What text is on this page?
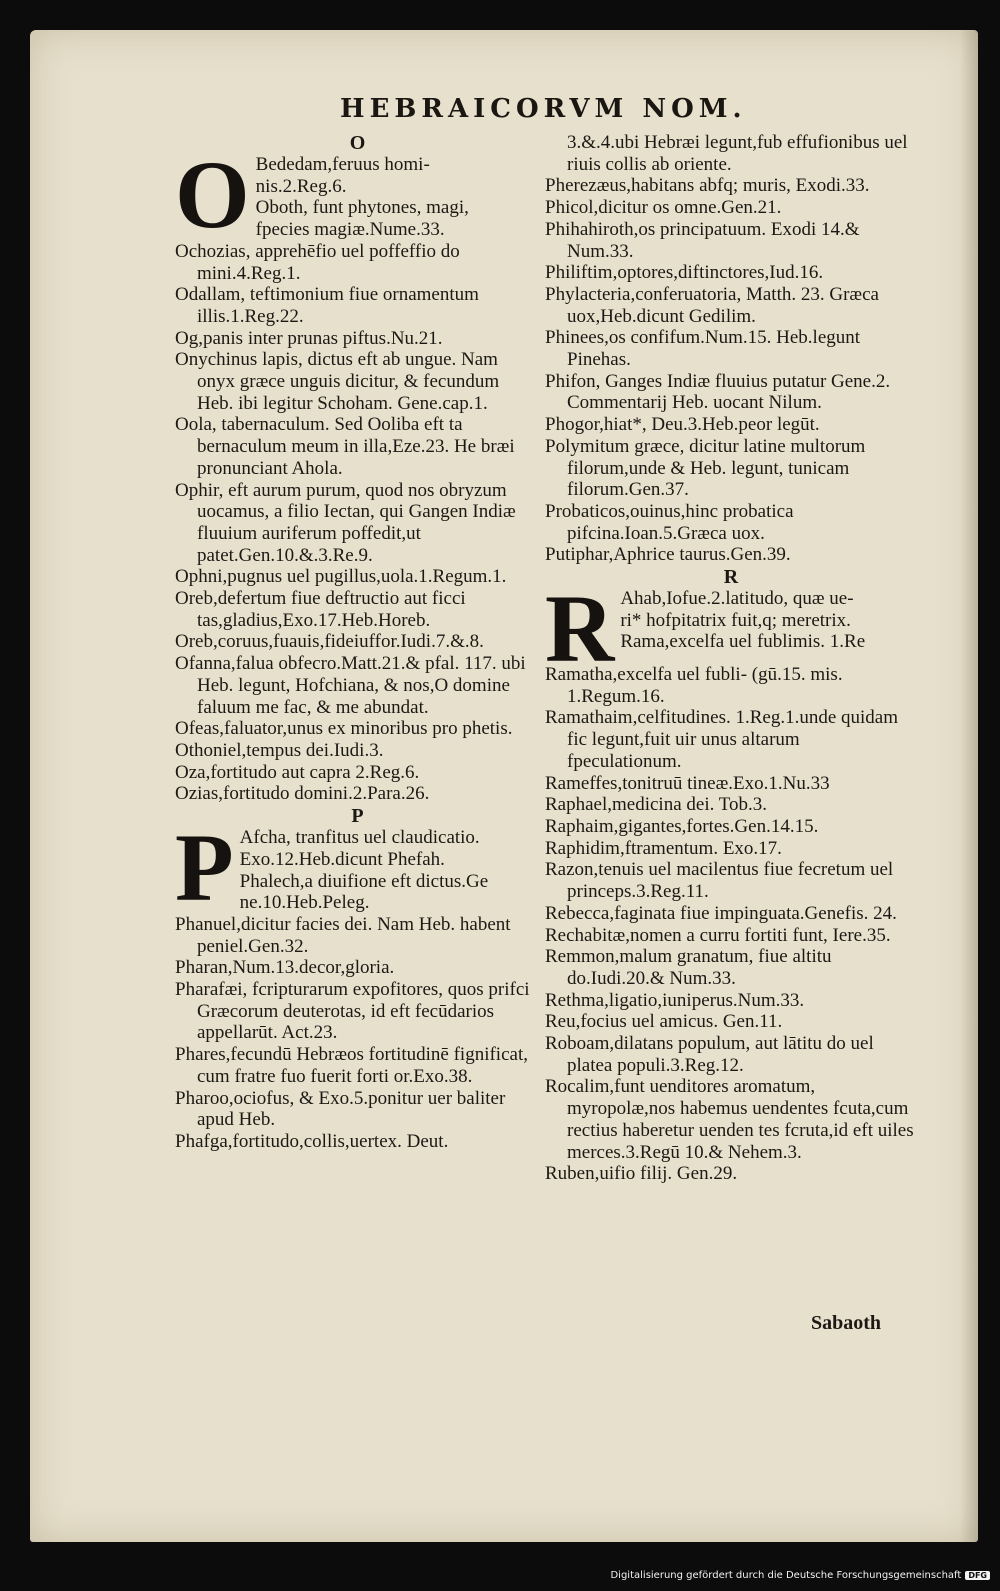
HEBRAICORVM NOM.
O
O Bededam,feruus homi-

nis.2.Reg.6.

Oboth, funt phytones, magi,

fpecies magiæ.Nume.33.

Ochozias, apprehēfio uel poffeffio do mini.4.Reg.1.

Odallam, teftimonium fiue ornamentum illis.1.Reg.22.

Og,panis inter prunas piftus.Nu.21.

Onychinus lapis, dictus eft ab ungue. Nam onyx græce unguis dicitur, & fecundum Heb. ibi legitur Schoham. Gene.cap.1.

Oola, tabernaculum. Sed Ooliba eft ta bernaculum meum in illa,Eze.23. He bræi pronunciant Ahola.

Ophir, eft aurum purum, quod nos obryzum uocamus, a filio Iectan, qui Gangen Indiæ fluuium auriferum poffedit,ut patet.Gen.10.&.3.Re.9.

Ophni,pugnus uel pugillus,uola.1.Regum.1.

Oreb,defertum fiue deftructio aut ficci tas,gladius,Exo.17.Heb.Horeb.

Oreb,coruus,fuauis,fideiuffor.Iudi.7.&.8.

Ofanna,falua obfecro.Matt.21.& pfal. 117. ubi Heb. legunt, Hofchiana, & nos,O domine faluum me fac, & me abundat.

Ofeas,faluator,unus ex minoribus pro phetis.

Othoniel,tempus dei.Iudi.3.

Oza,fortitudo aut capra 2.Reg.6.

Ozias,fortitudo domini.2.Para.26.

P
P Afcha, tranfitus uel claudicatio.

Exo.12.Heb.dicunt Phefah.

Phalech,a diuifione eft dictus.Ge

ne.10.Heb.Peleg.

Phanuel,dicitur facies dei. Nam Heb. habent peniel.Gen.32.

Pharan,Num.13.decor,gloria.

Pharafæi, fcripturarum expofitores, quos prifci Græcorum deuterotas, id eft fecūdarios appellarūt. Act.23.

Phares,fecundū Hebræos fortitudinē fignificat, cum fratre fuo fuerit forti or.Exo.38.

Pharoo,ociofus, & Exo.5.ponitur uer baliter apud Heb.

Phafga,fortitudo,collis,uertex. Deut.

3.&.4.ubi Hebræi legunt,fub effufionibus uel riuis collis ab oriente.

Pherezæus,habitans abfq; muris, Exodi.33.

Phicol,dicitur os omne.Gen.21.

Phihahiroth,os principatuum. Exodi 14.& Num.33.

Philiftim,optores,diftinctores,Iud.16.

Phylacteria,conferuatoria, Matth. 23. Græca uox,Heb.dicunt Gedilim.

Phinees,os confifum.Num.15. Heb.legunt Pinehas.

Phifon, Ganges Indiæ fluuius putatur Gene.2. Commentarij Heb. uocant Nilum.

Phogor,hiat*, Deu.3.Heb.peor legūt.

Polymitum græce, dicitur latine multorum filorum,unde & Heb. legunt, tunicam filorum.Gen.37.

Probaticos,ouinus,hinc probatica pifcina.Ioan.5.Græca uox.

Putiphar,Aphrice taurus.Gen.39.

R
R Ahab,Iofue.2.latitudo, quæ ue-

ri* hofpitatrix fuit,q; meretrix.

Rama,excelfa uel fublimis. 1.Re

Ramatha,excelfa uel fubli- (gū.15. mis. 1.Regum.16.

Ramathaim,celfitudines. 1.Reg.1.unde quidam fic legunt,fuit uir unus altarum fpeculationum.

Rameffes,tonitruū tineæ.Exo.1.Nu.33

Raphael,medicina dei. Tob.3.

Raphaim,gigantes,fortes.Gen.14.15.

Raphidim,ftramentum. Exo.17.

Razon,tenuis uel macilentus fiue fecretum uel princeps.3.Reg.11.

Rebecca,faginata fiue impinguata.Genefis. 24.

Rechabitæ,nomen a curru fortiti funt, Iere.35.

Remmon,malum granatum, fiue altitu do.Iudi.20.& Num.33.

Rethma,ligatio,iuniperus.Num.33.

Reu,focius uel amicus. Gen.11.

Roboam,dilatans populum, aut lātitu do uel platea populi.3.Reg.12.

Rocalim,funt uenditores aromatum, myropolæ,nos habemus uendentes fcuta,cum rectius haberetur uenden tes fcruta,id eft uiles merces.3.Regū 10.& Nehem.3.

Ruben,uifio filij. Gen.29.

Sabaoth
Digitalisierung gefördert durch die Deutsche Forschungsgemeinschaft DFG
